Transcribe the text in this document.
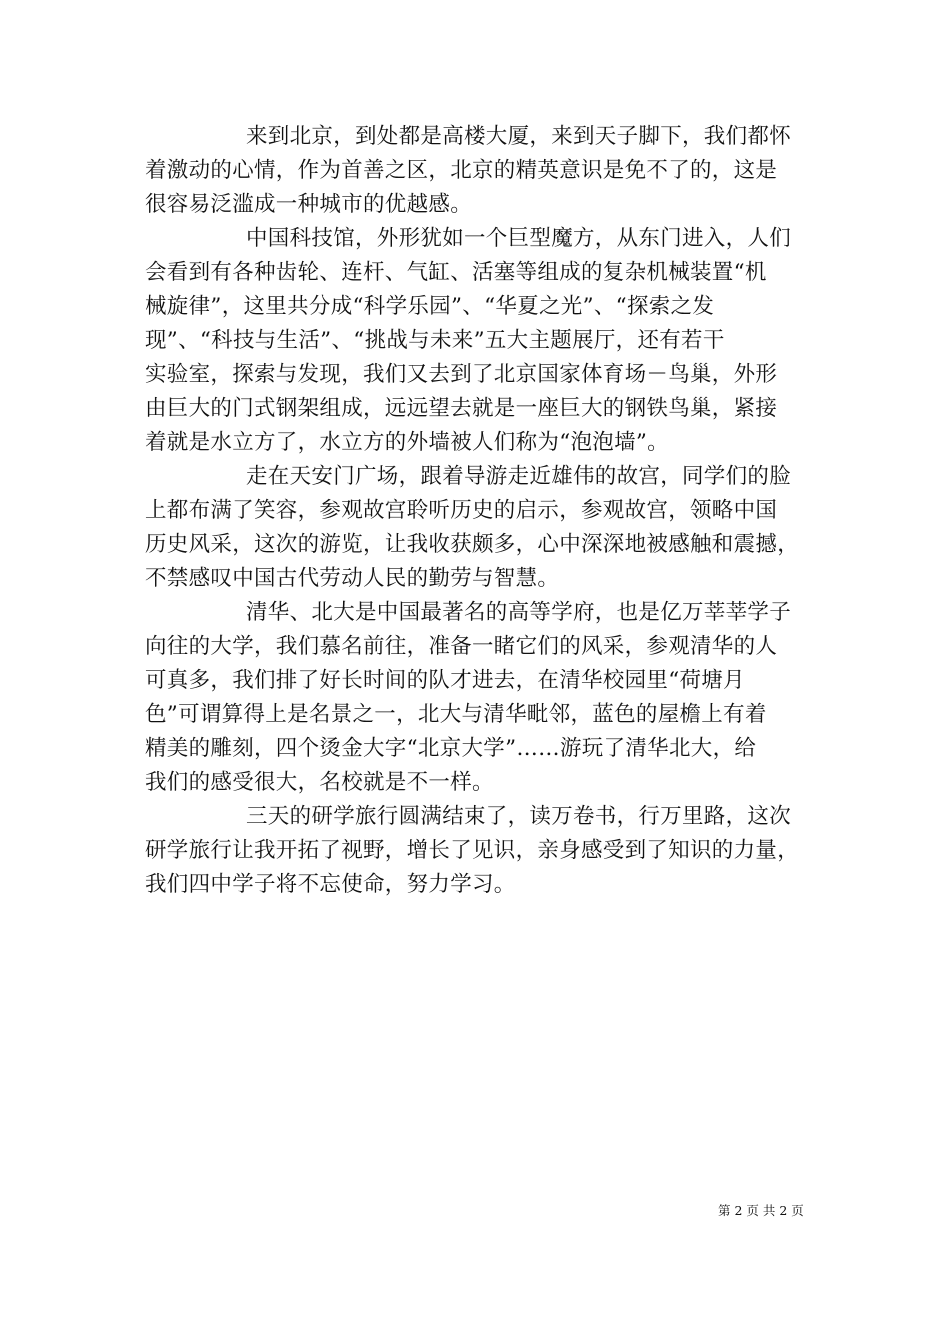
来到北京，到处都是高楼大厦，来到天子脚下，我们都怀
着激动的心情，作为首善之区，北京的精英意识是免不了的，这是
很容易泛滥成一种城市的优越感。
中国科技馆，外形犹如一个巨型魔方，从东门进入，人们
会看到有各种齿轮、连杆、气缸、活塞等组成的复杂机械装置“机
械旋律”，这里共分成“科学乐园”、“华夏之光”、“探索之发
现”、“科技与生活”、“挑战与未来”五大主题展厅，还有若干
实验室，探索与发现，我们又去到了北京国家体育场－鸟巢，外形
由巨大的门式钢架组成，远远望去就是一座巨大的钢铁鸟巢，紧接
着就是水立方了，水立方的外墙被人们称为“泡泡墙”。
走在天安门广场，跟着导游走近雄伟的故宫，同学们的脸
上都布满了笑容，参观故宫聆听历史的启示，参观故宫，领略中国
历史风采，这次的游览，让我收获颇多，心中深深地被感触和震撼，
不禁感叹中国古代劳动人民的勤劳与智慧。
清华、北大是中国最著名的高等学府，也是亿万莘莘学子
向往的大学，我们慕名前往，准备一睹它们的风采，参观清华的人
可真多，我们排了好长时间的队才进去，在清华校园里“荷塘月
色”可谓算得上是名景之一，北大与清华毗邻，蓝色的屋檐上有着
精美的雕刻，四个烫金大字“北京大学”……游玩了清华北大，给
我们的感受很大，名校就是不一样。
三天的研学旅行圆满结束了，读万卷书，行万里路，这次
研学旅行让我开拓了视野，增长了见识，亲身感受到了知识的力量，
我们四中学子将不忘使命，努力学习。
第 2 页 共 2 页
